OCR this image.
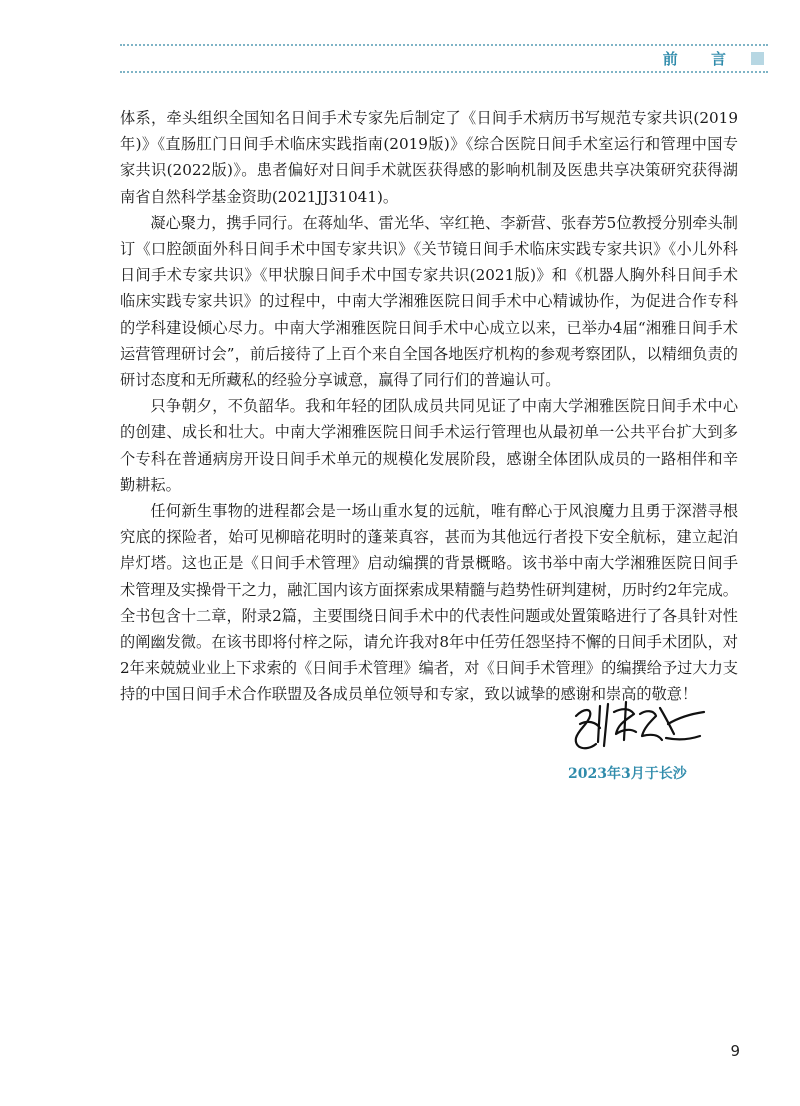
前 言

体系，牵头组织全国知名日间手术专家先后制定了《日间手术病历书写规范专家共识(2019年)》《直肠肛门日间手术临床实践指南(2019版)》《综合医院日间手术室运行和管理中国专家共识(2022版)》。患者偏好对日间手术就医获得感的影响机制及医患共享决策研究获得湖南省自然科学基金资助(2021JJ31041)。

凝心聚力，携手同行。在蒋灿华、雷光华、宰红艳、李新营、张春芳5位教授分别牵头制订《口腔颌面外科日间手术中国专家共识》《关节镜日间手术临床实践专家共识》《小儿外科日间手术专家共识》《甲状腺日间手术中国专家共识(2021版)》和《机器人胸外科日间手术临床实践专家共识》的过程中，中南大学湘雅医院日间手术中心精诚协作，为促进合作专科的学科建设倾心尽力。中南大学湘雅医院日间手术中心成立以来，已举办4届“湘雅日间手术运营管理研讨会”，前后接待了上百个来自全国各地医疗机构的参观考察团队，以精细负责的研讨态度和无所藏私的经验分享诚意，赢得了同行们的普遍认可。

只争朝夕，不负韶华。我和年轻的团队成员共同见证了中南大学湘雅医院日间手术中心的创建、成长和壮大。中南大学湘雅医院日间手术运行管理也从最初单一公共平台扩大到多个专科在普通病房开设日间手术单元的规模化发展阶段，感谢全体团队成员的一路相伴和辛勤耕耘。

任何新生事物的进程都会是一场山重水复的远航，唯有醉心于风浪魔力且勇于深潜寻根究底的探险者，始可见柳暗花明时的蓬莱真容，甚而为其他远行者投下安全航标，建立起泊岸灯塔。这也正是《日间手术管理》启动编撰的背景概略。该书举中南大学湘雅医院日间手术管理及实操骨干之力，融汇国内该方面探索成果精髓与趋势性研判建树，历时约2年完成。全书包含十二章，附录2篇，主要围绕日间手术中的代表性问题或处置策略进行了各具针对性的阐幽发微。在该书即将付梓之际，请允许我对8年中任劳任怨坚持不懈的日间手术团队，对2年来兢兢业业上下求索的《日间手术管理》编者，对《日间手术管理》的编撰给予过大力支持的中国日间手术合作联盟及各成员单位领导和专家，致以诚挚的感谢和崇高的敬意！

2023年3月于长沙
9
